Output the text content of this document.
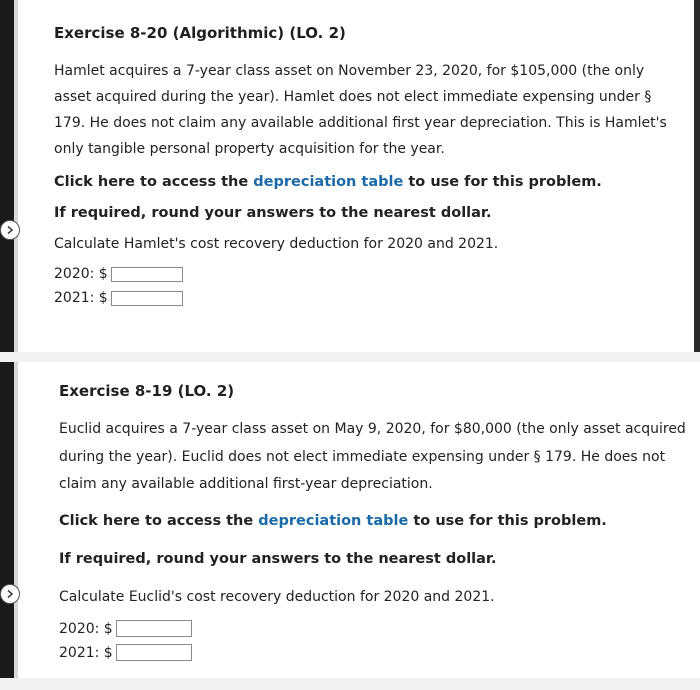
Exercise 8-20 (Algorithmic) (LO. 2)
Hamlet acquires a 7-year class asset on November 23, 2020, for $105,000 (the only asset acquired during the year). Hamlet does not elect immediate expensing under § 179. He does not claim any available additional first year depreciation. This is Hamlet's only tangible personal property acquisition for the year.
Click here to access the depreciation table to use for this problem.
If required, round your answers to the nearest dollar.
Calculate Hamlet's cost recovery deduction for 2020 and 2021.
2020: $
2021: $
Exercise 8-19 (LO. 2)
Euclid acquires a 7-year class asset on May 9, 2020, for $80,000 (the only asset acquired during the year). Euclid does not elect immediate expensing under § 179. He does not claim any available additional first-year depreciation.
Click here to access the depreciation table to use for this problem.
If required, round your answers to the nearest dollar.
Calculate Euclid's cost recovery deduction for 2020 and 2021.
2020: $
2021: $
